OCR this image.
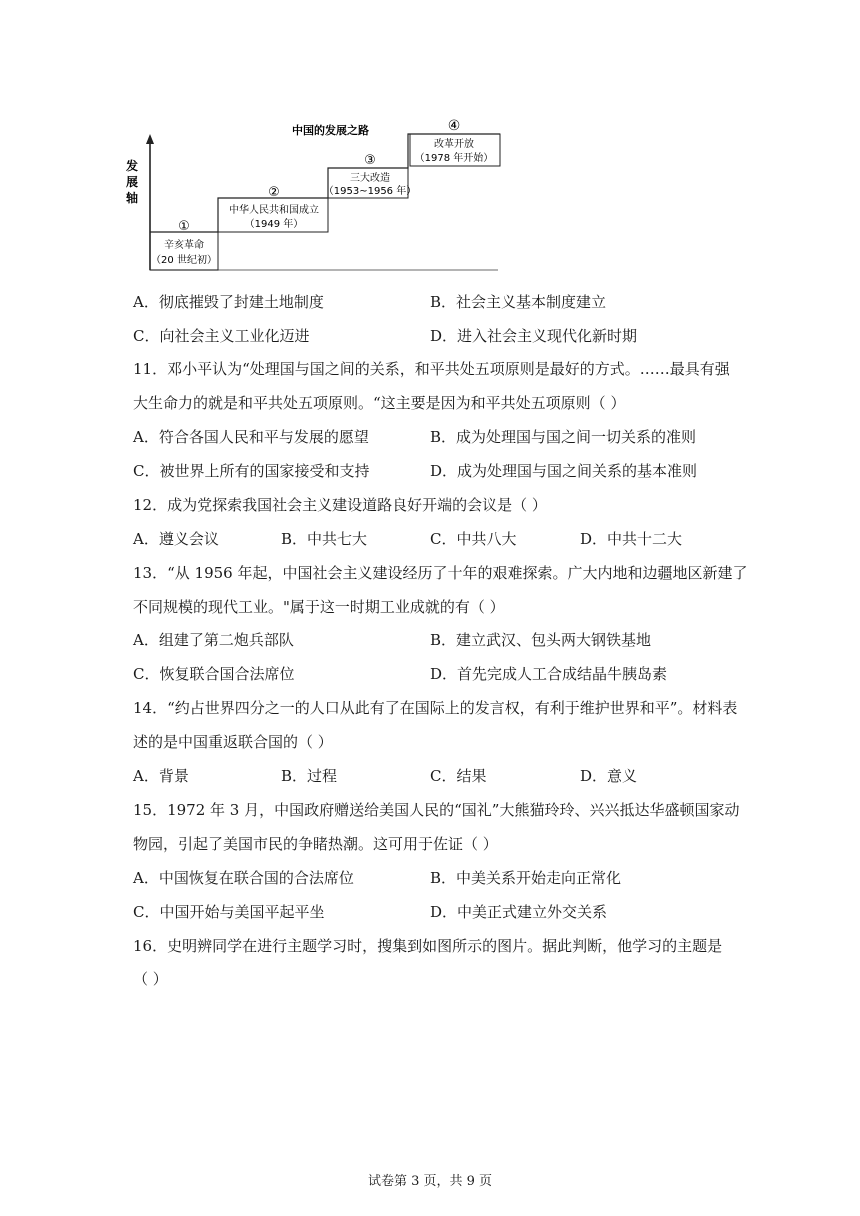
发
展
轴
中国的发展之路
①
辛亥革命
（20 世纪初）
②
中华人民共和国成立
（1949 年）
③
三大改造
（1953~1956 年）
④
改革开放
（1978 年开始）
A．彻底摧毁了封建土地制度	B．社会主义基本制度建立
C．向社会主义工业化迈进	D．进入社会主义现代化新时期
11．邓小平认为“处理国与国之间的关系，和平共处五项原则是最好的方式。……最具有强
大生命力的就是和平共处五项原则。“这主要是因为和平共处五项原则（ ）
A．符合各国人民和平与发展的愿望	B．成为处理国与国之间一切关系的准则
C．被世界上所有的国家接受和支持	D．成为处理国与国之间关系的基本准则
12．成为党探索我国社会主义建设道路良好开端的会议是（ ）
A．遵义会议	B．中共七大	C．中共八大	D．中共十二大
13．“从 1956 年起，中国社会主义建设经历了十年的艰难探索。广大内地和边疆地区新建了
不同规模的现代工业。"属于这一时期工业成就的有（ ）
A．组建了第二炮兵部队	B．建立武汉、包头两大钢铁基地
C．恢复联合国合法席位	D．首先完成人工合成结晶牛胰岛素
14．“约占世界四分之一的人口从此有了在国际上的发言权，有利于维护世界和平”。材料表
述的是中国重返联合国的（ ）
A．背景	B．过程	C．结果	D．意义
15．1972 年 3 月，中国政府赠送给美国人民的“国礼”大熊猫玲玲、兴兴抵达华盛顿国家动
物园，引起了美国市民的争睹热潮。这可用于佐证（ ）
A．中国恢复在联合国的合法席位	B．中美关系开始走向正常化
C．中国开始与美国平起平坐	D．中美正式建立外交关系
16．史明辨同学在进行主题学习时，搜集到如图所示的图片。据此判断，他学习的主题是
（ ）
试卷第 3 页，共 9 页
